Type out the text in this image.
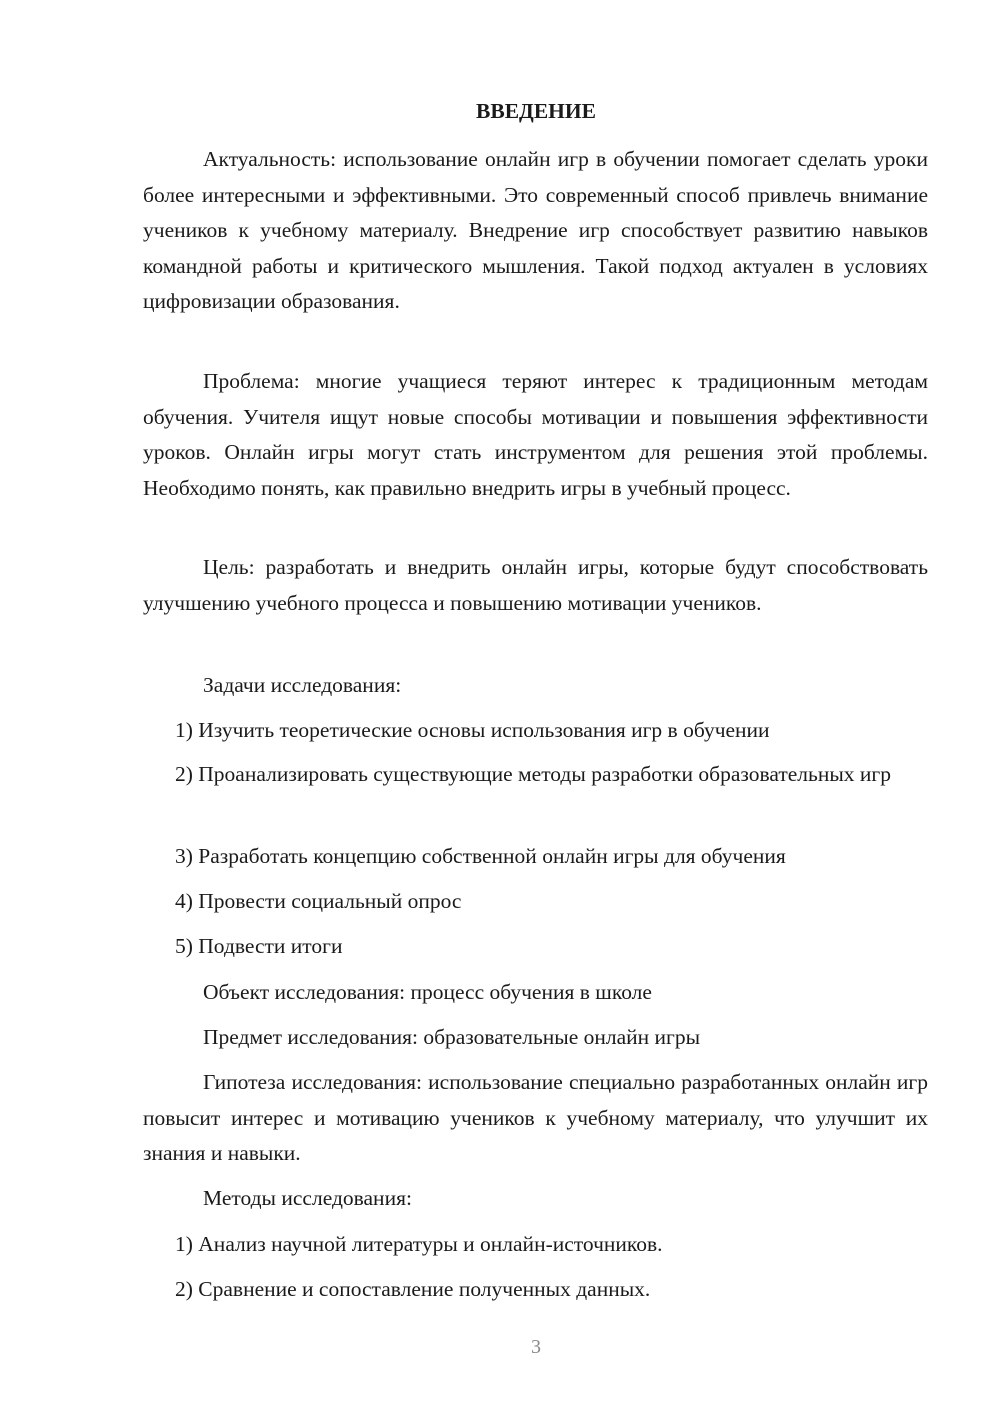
ВВЕДЕНИЕ

Актуальность: использование онлайн игр в обучении помогает сделать уроки более интересными и эффективными. Это современный способ привлечь внимание учеников к учебному материалу. Внедрение игр способствует развитию навыков командной работы и критического мышления. Такой подход актуален в условиях цифровизации образования.

Проблема: многие учащиеся теряют интерес к традиционным методам обучения. Учителя ищут новые способы мотивации и повышения эффективности уроков. Онлайн игры могут стать инструментом для решения этой проблемы. Необходимо понять, как правильно внедрить игры в учебный процесс.

Цель: разработать и внедрить онлайн игры, которые будут способствовать улучшению учебного процесса и повышению мотивации учеников.

Задачи исследования:
1) Изучить теоретические основы использования игр в обучении

2) Проанализировать существующие методы разработки образовательных игр

3) Разработать концепцию собственной онлайн игры для обучения
4) Провести социальный опрос
5) Подвести итоги
Объект исследования: процесс обучения в школе
Предмет исследования: образовательные онлайн игры

Гипотеза исследования: использование специально разработанных онлайн игр повысит интерес и мотивацию учеников к учебному материалу, что улучшит их знания и навыки.

Методы исследования:
1) Анализ научной литературы и онлайн-источников.
2) Сравнение и сопоставление полученных данных.
3
